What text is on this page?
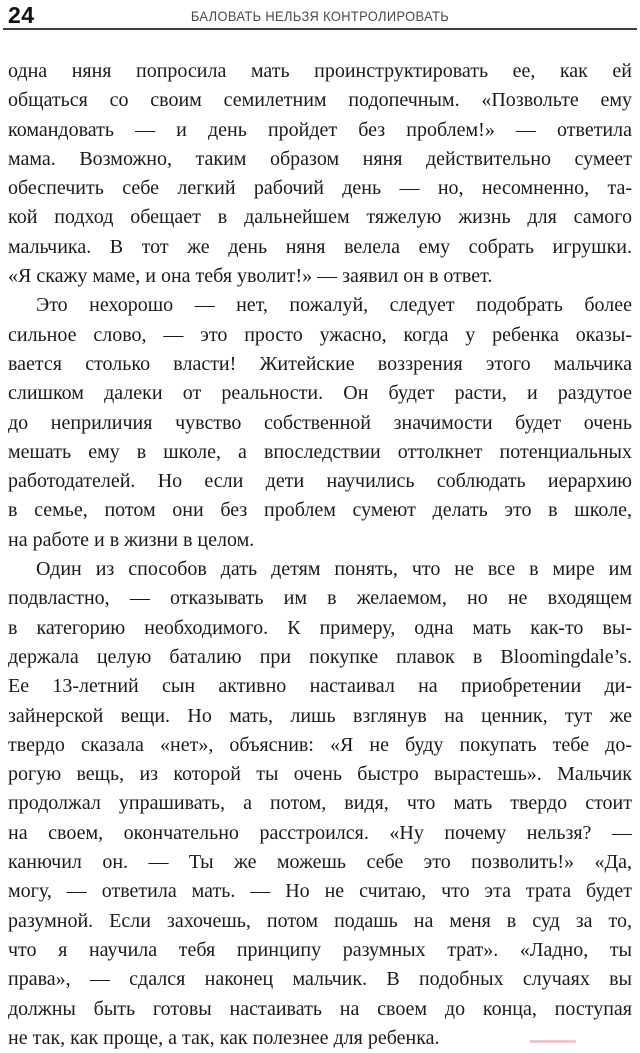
24	БАЛОВАТЬ НЕЛЬЗЯ КОНТРОЛИРОВАТЬ
одна няня попросила мать проинструктировать ее, как ей
общаться со своим семилетним подопечным. «Позвольте ему
командовать — и день пройдет без проблем!» — ответила
мама. Возможно, таким образом няня действительно сумеет
обеспечить себе легкий рабочий день — но, несомненно, та-
кой подход обещает в дальнейшем тяжелую жизнь для самого
мальчика. В тот же день няня велела ему собрать игрушки.
«Я скажу маме, и она тебя уволит!» — заявил он в ответ.
Это нехорошо — нет, пожалуй, следует подобрать более
сильное слово, — это просто ужасно, когда у ребенка оказы-
вается столько власти! Житейские воззрения этого мальчика
слишком далеки от реальности. Он будет расти, и раздутое
до неприличия чувство собственной значимости будет очень
мешать ему в школе, а впоследствии оттолкнет потенциальных
работодателей. Но если дети научились соблюдать иерархию
в семье, потом они без проблем сумеют делать это в школе,
на работе и в жизни в целом.
Один из способов дать детям понять, что не все в мире им
подвластно, — отказывать им в желаемом, но не входящем
в категорию необходимого. К примеру, одна мать как-то вы-
держала целую баталию при покупке плавок в Bloomingdale’s.
Ее 13-летний сын активно настаивал на приобретении ди-
зайнерской вещи. Но мать, лишь взглянув на ценник, тут же
твердо сказала «нет», объяснив: «Я не буду покупать тебе до-
рогую вещь, из которой ты очень быстро вырастешь». Мальчик
продолжал упрашивать, а потом, видя, что мать твердо стоит
на своем, окончательно расстроился. «Ну почему нельзя? —
канючил он. — Ты же можешь себе это позволить!» «Да,
могу, — ответила мать. — Но не считаю, что эта трата будет
разумной. Если захочешь, потом подашь на меня в суд за то,
что я научила тебя принципу разумных трат». «Ладно, ты
права», — сдался наконец мальчик. В подобных случаях вы
должны быть готовы настаивать на своем до конца, поступая
не так, как проще, а так, как полезнее для ребенка.
